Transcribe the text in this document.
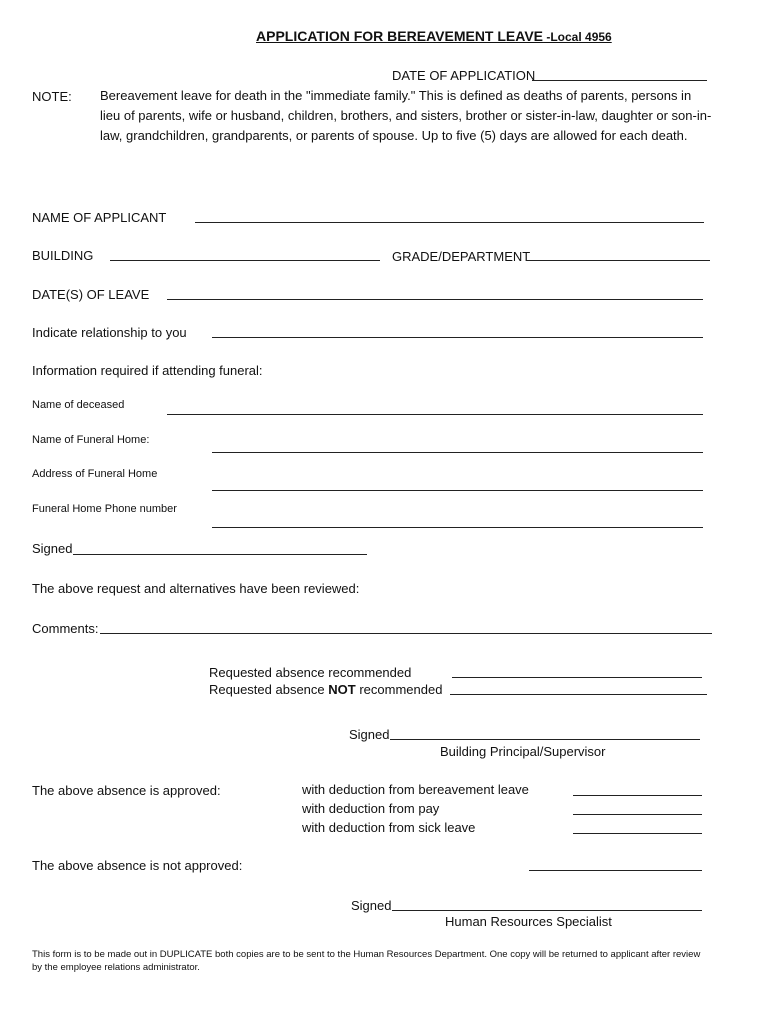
APPLICATION FOR BEREAVEMENT LEAVE -Local 4956
DATE OF APPLICATION
NOTE: Bereavement leave for death in the "immediate family." This is defined as deaths of parents, persons in lieu of parents, wife or husband, children, brothers, and sisters, brother or sister-in-law, daughter or son-in-law, grandchildren, grandparents, or parents of spouse. Up to five (5) days are allowed for each death.
NAME OF APPLICANT
BUILDING	GRADE/DEPARTMENT
DATE(S) OF LEAVE
Indicate relationship to you
Information required if attending funeral:
Name of deceased
Name of Funeral Home:
Address of Funeral Home
Funeral Home Phone number
Signed
The above request and alternatives have been reviewed:
Comments:
Requested absence recommended
Requested absence NOT recommended
Signed
Building Principal/Supervisor
The above absence is approved:	with deduction from bereavement leave
with deduction from pay
with deduction from sick leave
The above absence is not approved:
Signed
Human Resources Specialist
This form is to be made out in DUPLICATE both copies are to be sent to the Human Resources Department. One copy will be returned to applicant after review by the employee relations administrator.
